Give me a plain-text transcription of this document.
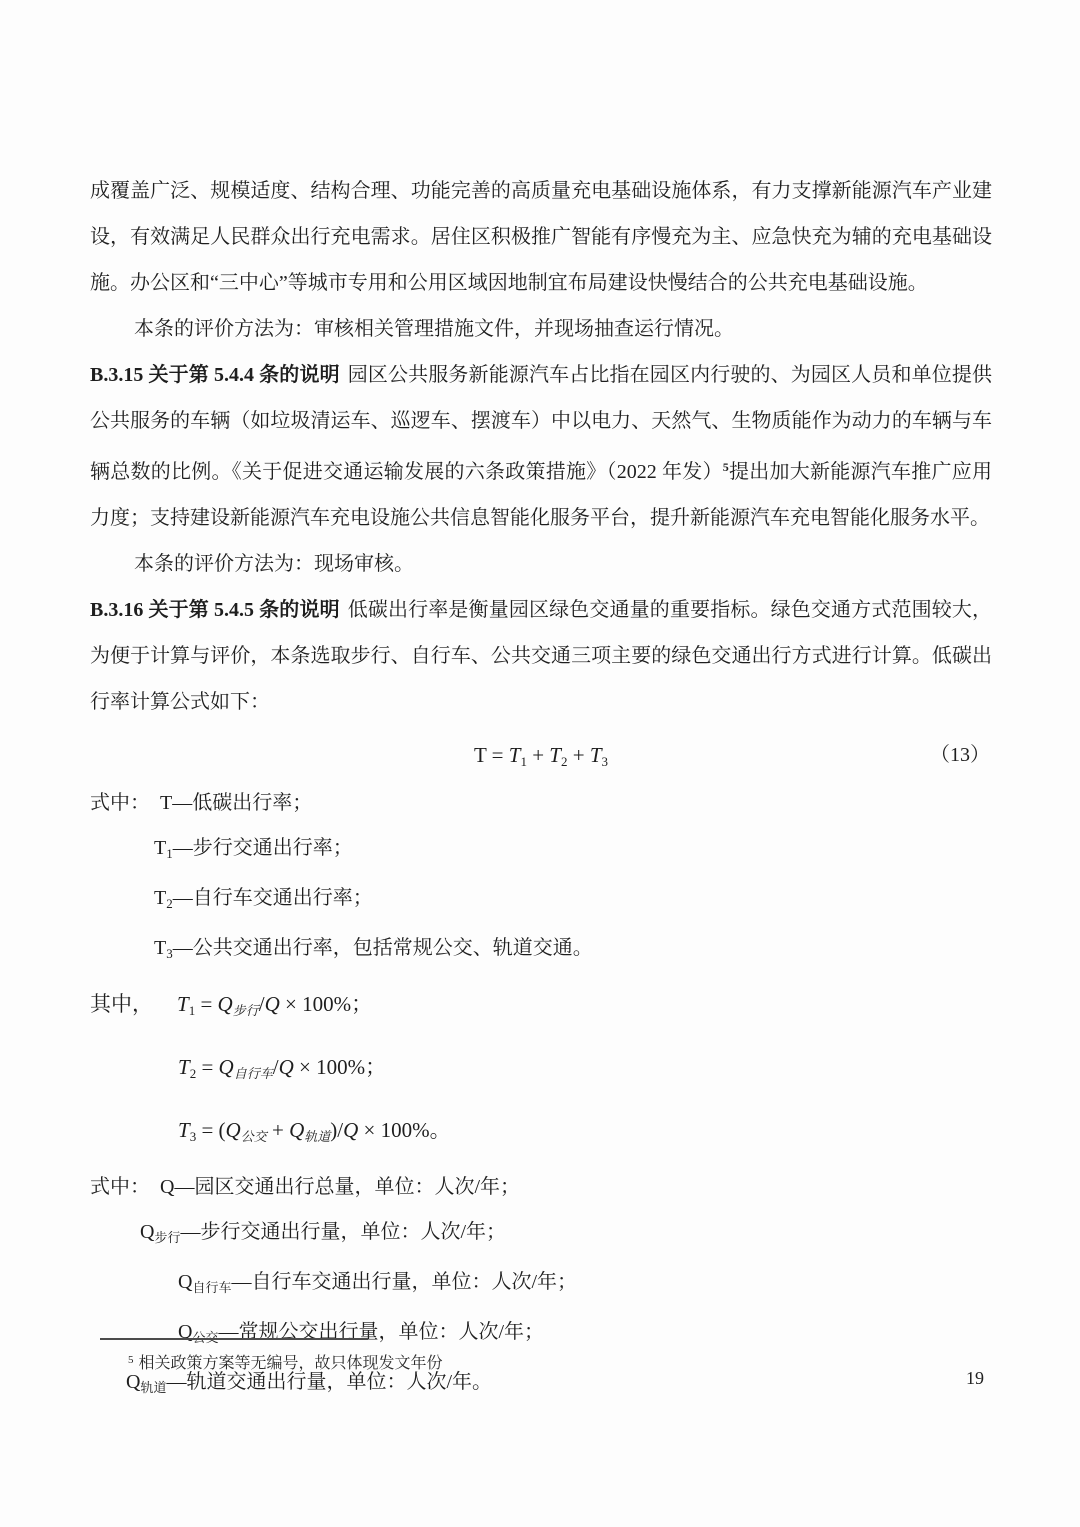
成覆盖广泛、规模适度、结构合理、功能完善的高质量充电基础设施体系，有力支撑新能源汽车产业建设，有效满足人民群众出行充电需求。居住区积极推广智能有序慢充为主、应急快充为辅的充电基础设施。办公区和“三中心”等城市专用和公用区域因地制宜布局建设快慢结合的公共充电基础设施。

本条的评价方法为：审核相关管理措施文件，并现场抽查运行情况。

B.3.15 关于第 5.4.4 条的说明 园区公共服务新能源汽车占比指在园区内行驶的、为园区人员和单位提供公共服务的车辆（如垃圾清运车、巡逻车、摆渡车）中以电力、天然气、生物质能作为动力的车辆与车辆总数的比例。《关于促进交通运输发展的六条政策措施》（2022 年发）$^5$提出加大新能源汽车推广应用力度；支持建设新能源汽车充电设施公共信息智能化服务平台，提升新能源汽车充电智能化服务水平。

本条的评价方法为：现场审核。

B.3.16 关于第 5.4.5 条的说明 低碳出行率是衡量园区绿色交通量的重要指标。绿色交通方式范围较大，为便于计算与评价，本条选取步行、自行车、公共交通三项主要的绿色交通出行方式进行计算。低碳出行率计算公式如下：

T = T1 + T2 + T3	（13）
式中： T—低碳出行率；
$T_1—$步行交通出行率；
$T_2—$自行车交通出行率；
$T_3—$公共交通出行率，包括常规公交、轨道交通。
其中， T1 = Q步行/Q × 100%；
T2 = Q自行车/Q × 100%；
T3 = (Q公交 + Q轨道)/Q × 100%。
式中： Q—园区交通出行总量，单位：人次/年；
$Q_{步行}—$步行交通出行量，单位：人次/年；
$Q_{自行车}—$自行车交通出行量，单位：人次/年；
$Q_{公交}—$常规公交出行量，单位：人次/年；
$Q_{轨道}—$轨道交通出行量，单位：人次/年。
$^5$ 相关政策方案等无编号，故只体现发文年份
19
